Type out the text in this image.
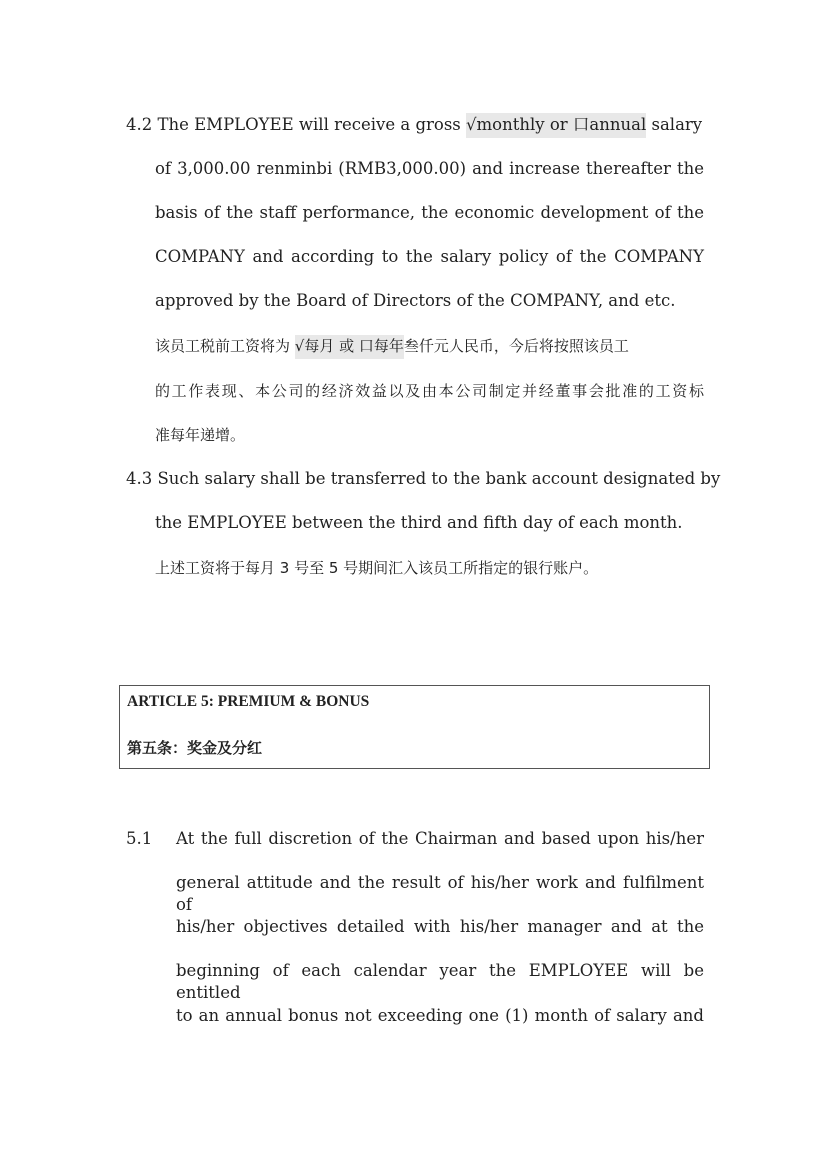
4.2 The EMPLOYEE will receive a gross √monthly or 口annual salary
of 3,000.00 renminbi (RMB3,000.00) and increase thereafter the
basis of the staff performance, the economic development of the
COMPANY and according to the salary policy of the COMPANY
approved by the Board of Directors of the COMPANY, and etc.
该员工税前工资将为 √每月 或 口每年叁仟元人民币，今后将按照该员工
的工作表现、本公司的经济效益以及由本公司制定并经董事会批准的工资标
准每年递增。
4.3 Such salary shall be transferred to the bank account designated by
the EMPLOYEE between the third and fifth day of each month.
上述工资将于每月 3 号至 5 号期间汇入该员工所指定的银行账户。
ARTICLE 5: PREMIUM & BONUS
第五条：奖金及分红
5.1 At the full discretion of the Chairman and based upon his/her
general attitude and the result of his/her work and fulfilment of
his/her objectives detailed with his/her manager and at the
beginning of each calendar year the EMPLOYEE will be entitled
to an annual bonus not exceeding one (1) month of salary and
